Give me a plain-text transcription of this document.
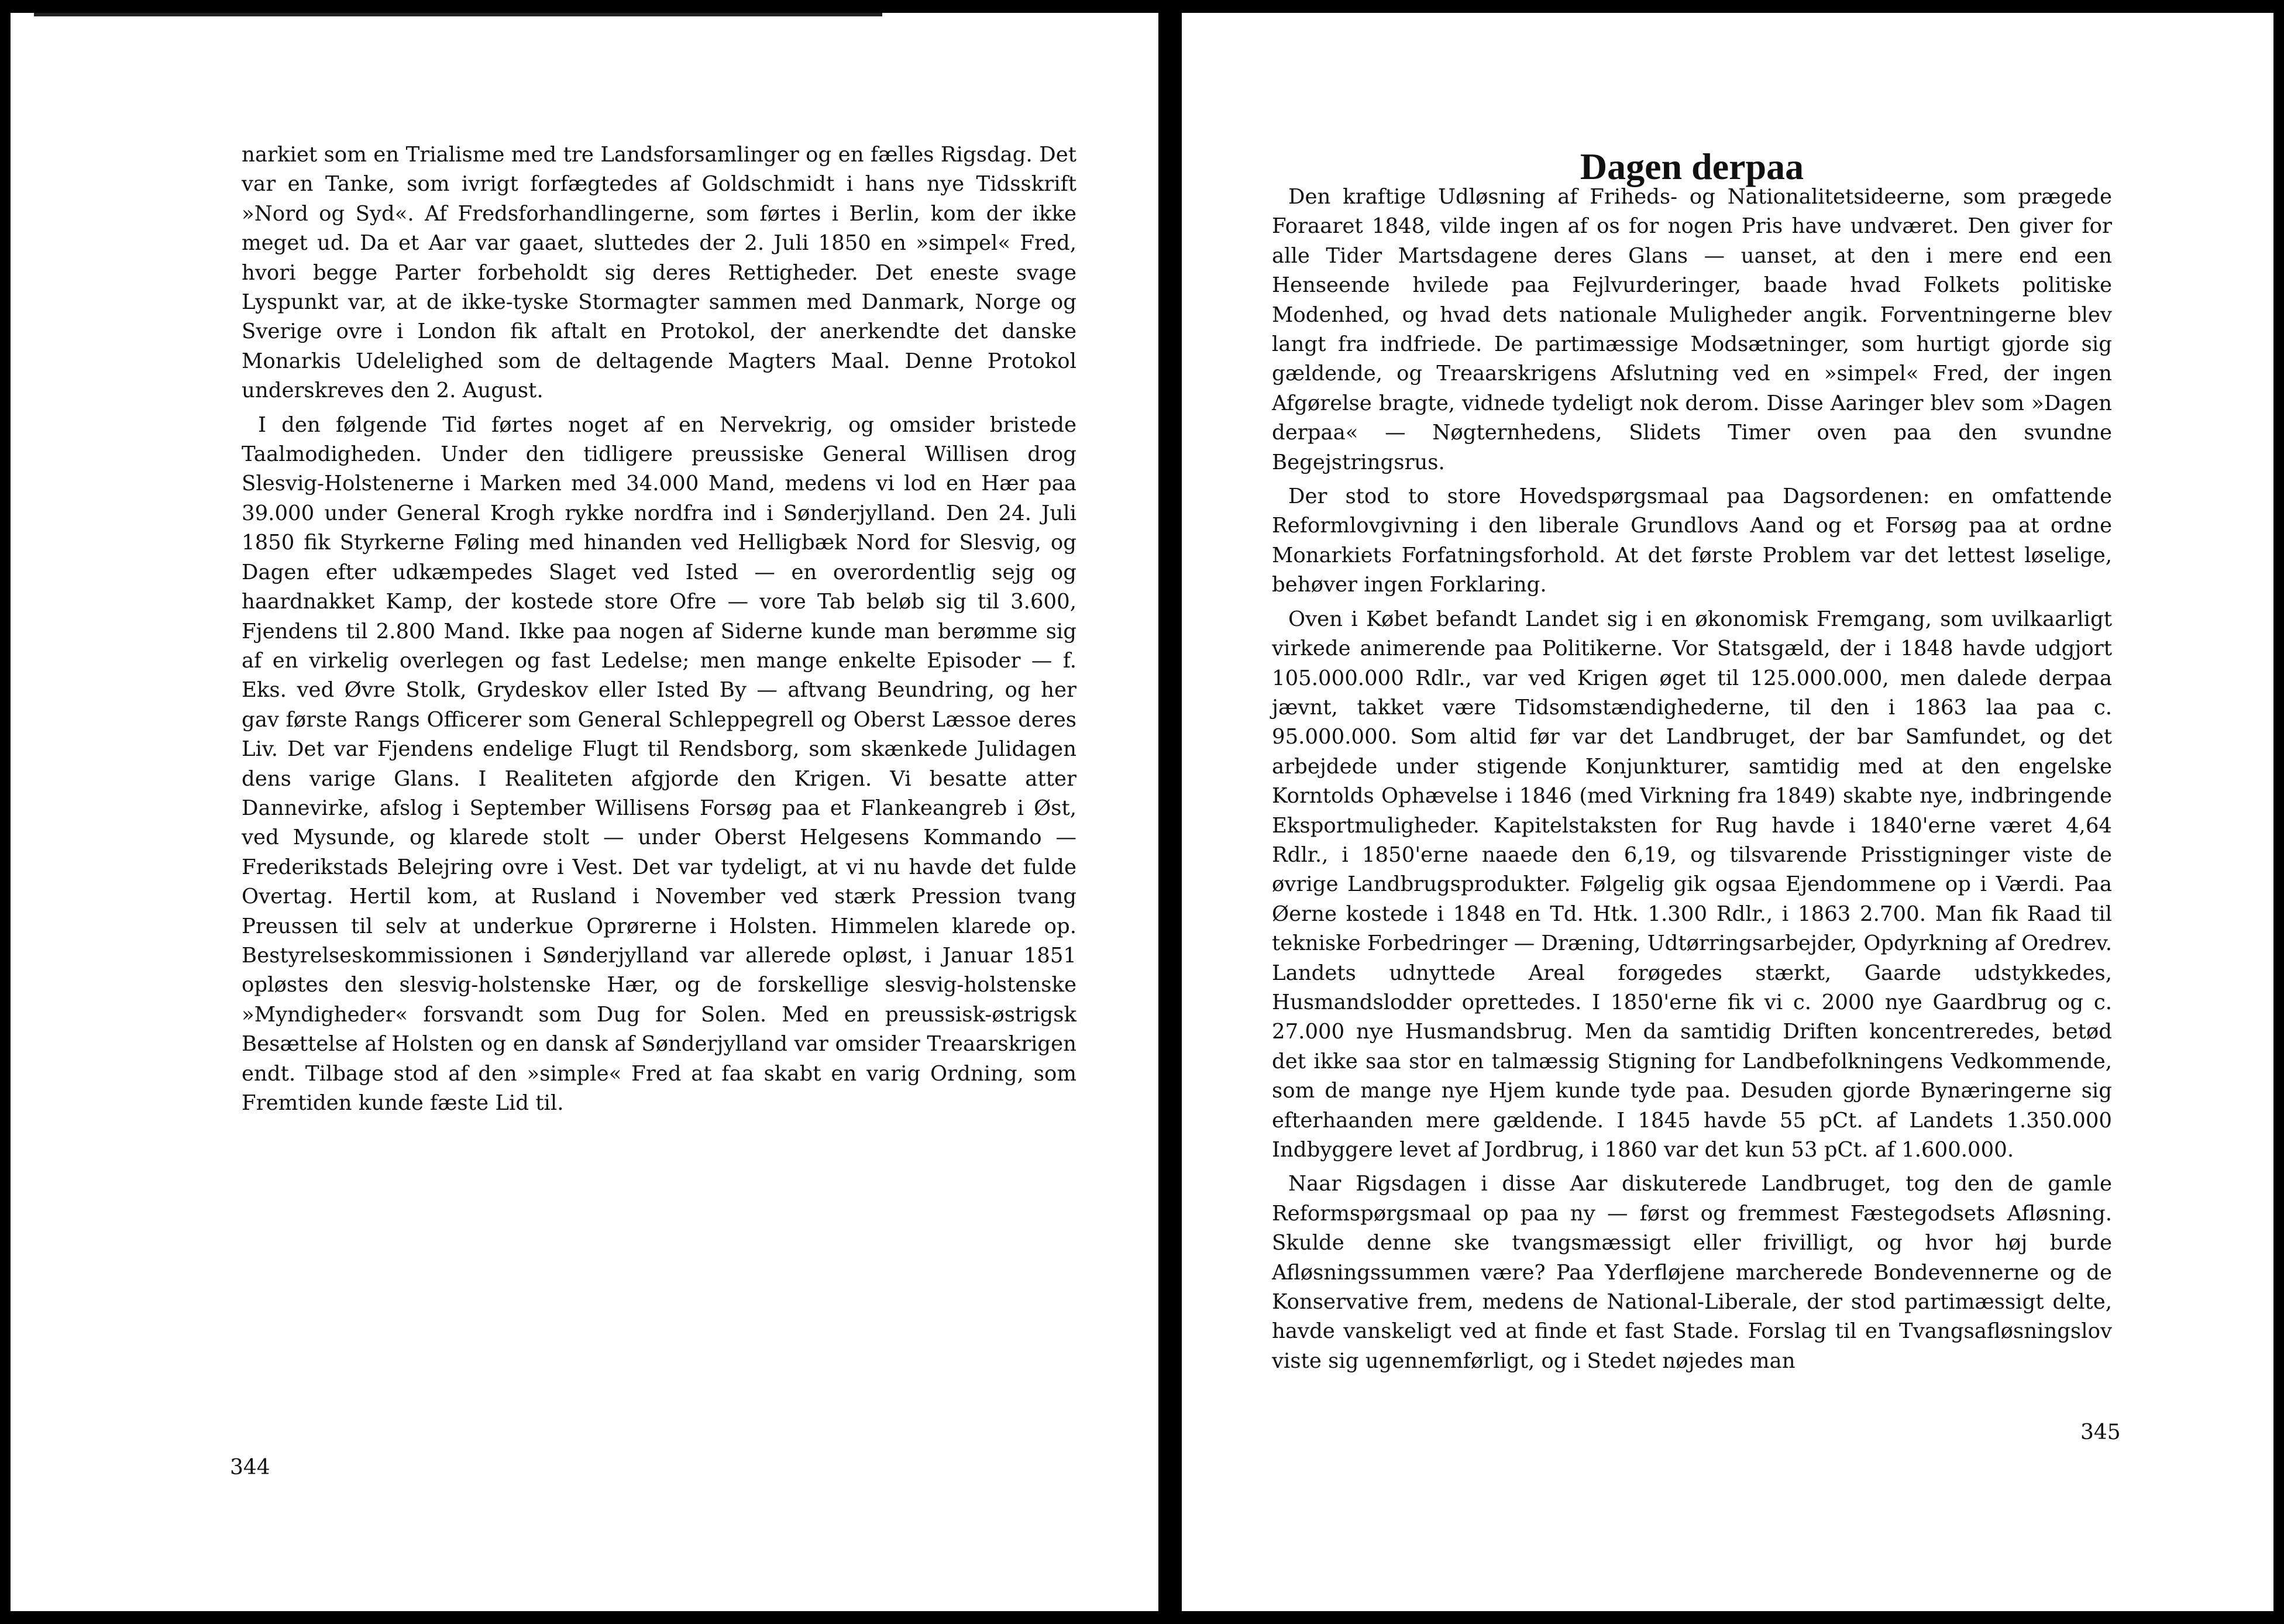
narkiet som en Trialisme med tre Landsforsamlinger og en fælles Rigsdag. Det var en Tanke, som ivrigt forfægtedes af Goldschmidt i hans nye Tidsskrift »Nord og Syd«. Af Fredsforhandlingerne, som førtes i Berlin, kom der ikke meget ud. Da et Aar var gaaet, sluttedes der 2. Juli 1850 en »simpel« Fred, hvori begge Parter forbeholdt sig deres Rettigheder. Det eneste svage Lyspunkt var, at de ikke-tyske Stormagter sammen med Danmark, Norge og Sverige ovre i London fik aftalt en Protokol, der anerkendte det danske Monarkis Udelelighed som de deltagende Magters Maal. Denne Protokol underskreves den 2. August.

I den følgende Tid førtes noget af en Nervekrig, og omsider bristede Taalmodigheden. Under den tidligere preussiske General Willisen drog Slesvig-Holstenerne i Marken med 34.000 Mand, medens vi lod en Hær paa 39.000 under General Krogh rykke nordfra ind i Sønderjylland. Den 24. Juli 1850 fik Styrkerne Føling med hinanden ved Helligbæk Nord for Slesvig, og Dagen efter udkæmpedes Slaget ved Isted — en overordentlig sejg og haardnakket Kamp, der kostede store Ofre — vore Tab beløb sig til 3.600, Fjendens til 2.800 Mand. Ikke paa nogen af Siderne kunde man berømme sig af en virkelig overlegen og fast Ledelse; men mange enkelte Episoder — f. Eks. ved Øvre Stolk, Grydeskov eller Isted By — aftvang Beundring, og her gav første Rangs Officerer som General Schleppegrell og Oberst Læssoe deres Liv. Det var Fjendens endelige Flugt til Rendsborg, som skænkede Julidagen dens varige Glans. I Realiteten afgjorde den Krigen. Vi besatte atter Dannevirke, afslog i September Willisens Forsøg paa et Flankeangreb i Øst, ved Mysunde, og klarede stolt — under Oberst Helgesens Kommando — Frederikstads Belejring ovre i Vest. Det var tydeligt, at vi nu havde det fulde Overtag. Hertil kom, at Rusland i November ved stærk Pression tvang Preussen til selv at underkue Oprørerne i Holsten. Himmelen klarede op. Bestyrelseskommissionen i Sønderjylland var allerede opløst, i Januar 1851 opløstes den slesvig-holstenske Hær, og de forskellige slesvig-holstenske »Myndigheder« forsvandt som Dug for Solen. Med en preussisk-østrigsk Besættelse af Holsten og en dansk af Sønderjylland var omsider Treaarskrigen endt. Tilbage stod af den »simple« Fred at faa skabt en varig Ordning, som Fremtiden kunde fæste Lid til.

344
Dagen derpaa

Den kraftige Udløsning af Friheds- og Nationalitetsideerne, som prægede Foraaret 1848, vilde ingen af os for nogen Pris have undværet. Den giver for alle Tider Martsdagene deres Glans — uanset, at den i mere end een Henseende hvilede paa Fejlvurderinger, baade hvad Folkets politiske Modenhed, og hvad dets nationale Muligheder angik. Forventningerne blev langt fra indfriede. De partimæssige Modsætninger, som hurtigt gjorde sig gældende, og Treaarskrigens Afslutning ved en »simpel« Fred, der ingen Afgørelse bragte, vidnede tydeligt nok derom. Disse Aaringer blev som »Dagen derpaa« — Nøgternhedens, Slidets Timer oven paa den svundne Begejstringsrus.

Der stod to store Hovedspørgsmaal paa Dagsordenen: en omfattende Reformlovgivning i den liberale Grundlovs Aand og et Forsøg paa at ordne Monarkiets Forfatningsforhold. At det første Problem var det lettest løselige, behøver ingen Forklaring.

Oven i Købet befandt Landet sig i en økonomisk Fremgang, som uvilkaarligt virkede animerende paa Politikerne. Vor Statsgæld, der i 1848 havde udgjort 105.000.000 Rdlr., var ved Krigen øget til 125.000.000, men dalede derpaa jævnt, takket være Tidsomstændighederne, til den i 1863 laa paa c. 95.000.000. Som altid før var det Landbruget, der bar Samfundet, og det arbejdede under stigende Konjunkturer, samtidig med at den engelske Korntolds Ophævelse i 1846 (med Virkning fra 1849) skabte nye, indbringende Eksportmuligheder. Kapitelstaksten for Rug havde i 1840'erne været 4,64 Rdlr., i 1850'erne naaede den 6,19, og tilsvarende Prisstigninger viste de øvrige Landbrugsprodukter. Følgelig gik ogsaa Ejendommene op i Værdi. Paa Øerne kostede i 1848 en Td. Htk. 1.300 Rdlr., i 1863 2.700. Man fik Raad til tekniske Forbedringer — Dræning, Udtørringsarbejder, Opdyrkning af Oredrev. Landets udnyttede Areal forøgedes stærkt, Gaarde udstykkedes, Husmandslodder oprettedes. I 1850'erne fik vi c. 2000 nye Gaardbrug og c. 27.000 nye Husmandsbrug. Men da samtidig Driften koncentreredes, betød det ikke saa stor en talmæssig Stigning for Landbefolkningens Vedkommende, som de mange nye Hjem kunde tyde paa. Desuden gjorde Bynæringerne sig efterhaanden mere gældende. I 1845 havde 55 pCt. af Landets 1.350.000 Indbyggere levet af Jordbrug, i 1860 var det kun 53 pCt. af 1.600.000.

Naar Rigsdagen i disse Aar diskuterede Landbruget, tog den de gamle Reformspørgsmaal op paa ny — først og fremmest Fæstegodsets Afløsning. Skulde denne ske tvangsmæssigt eller frivilligt, og hvor høj burde Afløsningssummen være? Paa Yderfløjene marcherede Bondevennerne og de Konservative frem, medens de National-Liberale, der stod partimæssigt delte, havde vanskeligt ved at finde et fast Stade. Forslag til en Tvangsafløsningslov viste sig ugennemførligt, og i Stedet nøjedes man

345
